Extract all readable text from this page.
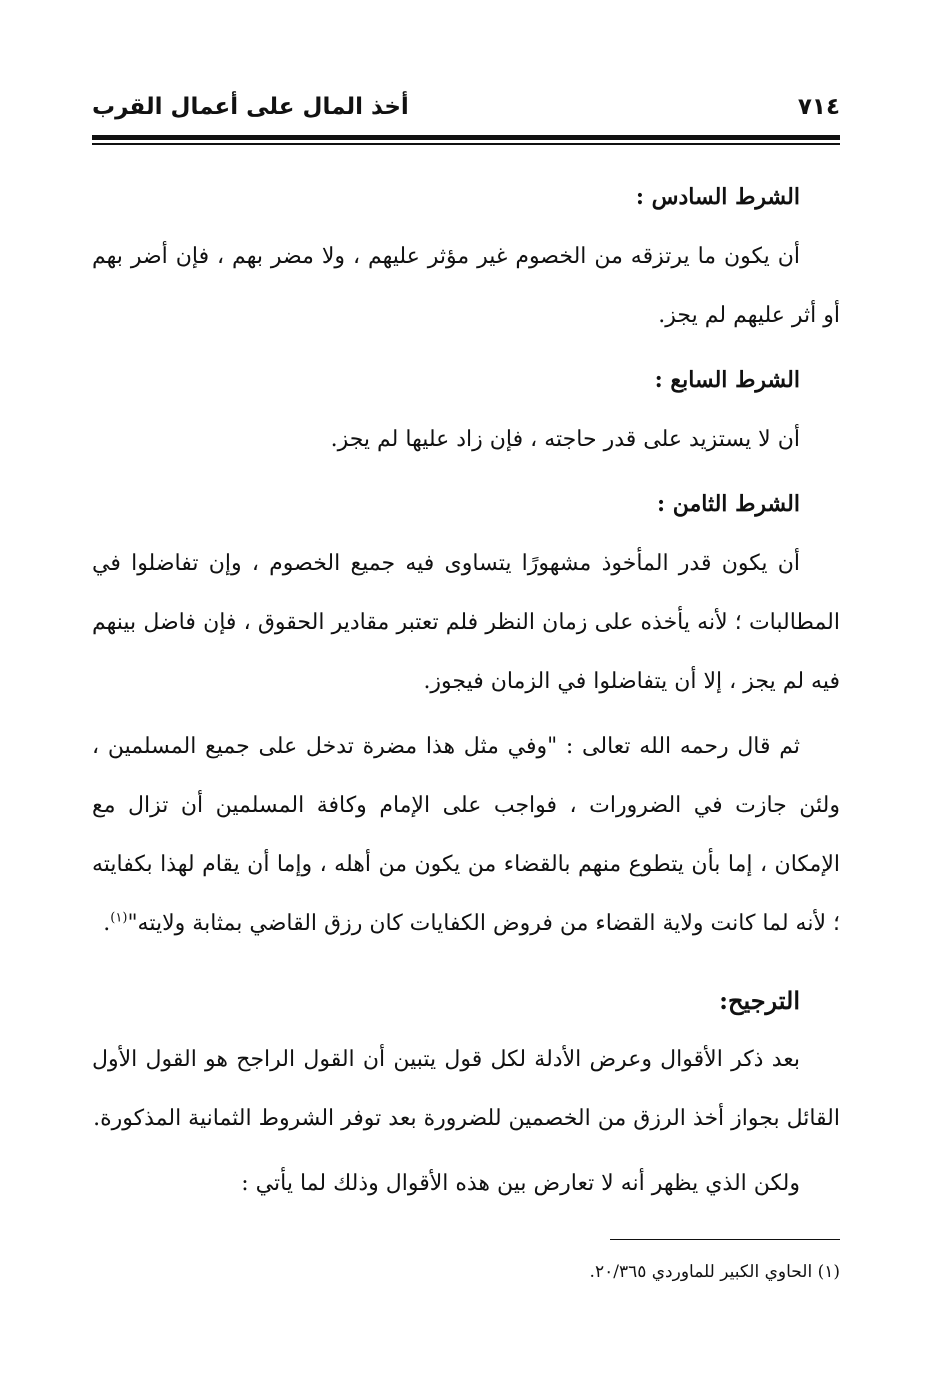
٧١٤
أخذ المال على أعمال القرب

الشرط السادس :

أن يكون ما يرتزقه من الخصوم غير مؤثر عليهم ، ولا مضر بهم ، فإن أضر بهم أو أثر عليهم لم يجز.

الشرط السابع :

أن لا يستزيد على قدر حاجته ، فإن زاد عليها لم يجز.

الشرط الثامن :

أن يكون قدر المأخوذ مشهورًا يتساوى فيه جميع الخصوم ، وإن تفاضلوا في المطالبات ؛ لأنه يأخذه على زمان النظر فلم تعتبر مقادير الحقوق ، فإن فاضل بينهم فيه لم يجز ، إلا أن يتفاضلوا في الزمان فيجوز.

ثم قال رحمه الله تعالى : "وفي مثل هذا مضرة تدخل على جميع المسلمين ، ولئن جازت في الضرورات ، فواجب على الإمام وكافة المسلمين أن تزال مع الإمكان ، إما بأن يتطوع منهم بالقضاء من يكون من أهله ، وإما أن يقام لهذا بكفايته ؛ لأنه لما كانت ولاية القضاء من فروض الكفايات كان رزق القاضي بمثابة ولايته"$^{(١)}$.

الترجيح:

بعد ذكر الأقوال وعرض الأدلة لكل قول يتبين أن القول الراجح هو القول الأول القائل بجواز أخذ الرزق من الخصمين للضرورة بعد توفر الشروط الثمانية المذكورة.

ولكن الذي يظهر أنه لا تعارض بين هذه الأقوال وذلك لما يأتي :

(١) الحاوي الكبير للماوردي ٢٠/٣٦٥.
